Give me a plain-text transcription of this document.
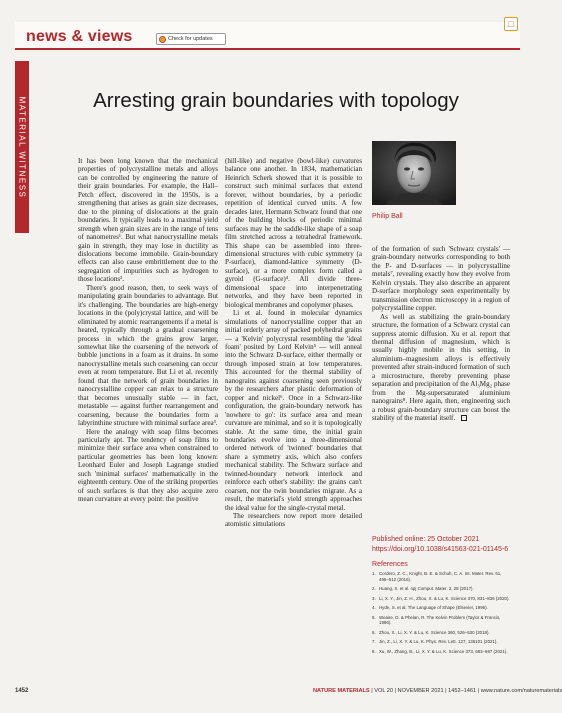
news & views	Check for updates
□
MATERIAL WITNESS	Arresting grain boundaries with topology

It has been long known that the mechanical properties of polycrystalline metals and alloys can be controlled by engineering the nature of their grain boundaries. For example, the Hall–Petch effect, discovered in the 1950s, is a strengthening that arises as grain size decreases, due to the pinning of dislocations at the grain boundaries. It typically leads to a maximal yield strength when grain sizes are in the range of tens of nanometres¹. But what nanocrystalline metals gain in strength, they may lose in ductility as dislocations become immobile. Grain-boundary effects can also cause embrittlement due to the segregation of impurities such as hydrogen to those locations².

There's good reason, then, to seek ways of manipulating grain boundaries to advantage. But it's challenging. The boundaries are high-energy locations in the (poly)crystal lattice, and will be eliminated by atomic rearrangements if a metal is heated, typically through a gradual coarsening process in which the grains grow larger, somewhat like the coarsening of the network of bubble junctions in a foam as it drains. In some nanocrystalline metals such coarsening can occur even at room temperature. But Li et al. recently found that the network of grain boundaries in nanocrystalline copper can relax to a structure that becomes unusually stable — in fact, metastable — against further rearrangement and coarsening, because the boundaries form a labyrinthine structure with minimal surface area³.

Here the analogy with soap films becomes particularly apt. The tendency of soap films to minimize their surface area when constrained to particular geometries has been long known: Leonhard Euler and Joseph Lagrange studied such 'minimal surfaces' mathematically in the eighteenth century. One of the striking properties of such surfaces is that they also acquire zero mean curvature at every point: the positive

(hill-like) and negative (bowl-like) curvatures balance one another. In 1834, mathematician Heinrich Scherk showed that it is possible to construct such minimal surfaces that extend forever, without boundaries, by a periodic repetition of identical curved units. A few decades later, Hermann Schwarz found that one of the building blocks of periodic minimal surfaces may be the saddle-like shape of a soap film stretched across a tetrahedral framework. This shape can be assembled into three-dimensional structures with cubic symmetry (a P-surface), diamond-lattice symmetry (D-surface), or a more complex form called a gyroid (G-surface)⁴. All divide three-dimensional space into interpenetrating networks, and they have been reported in biological membranes and copolymer phases.

Li et al. found in molecular dynamics simulations of nanocrystalline copper that an initial orderly array of packed polyhedral grains — a 'Kelvin' polycrystal resembling the 'ideal foam' posited by Lord Kelvin⁵ — will anneal into the Schwarz D-surface, either thermally or through imposed strain at low temperatures. This accounted for the thermal stability of nanograins against coarsening seen previously by the researchers after plastic deformation of copper and nickel⁶. Once in a Schwarz-like configuration, the grain-boundary network has 'nowhere to go': its surface area and mean curvature are minimal, and so it is topologically stable. At the same time, the initial grain boundaries evolve into a three-dimensional ordered network of 'twinned' boundaries that share a symmetry axis, which also confers mechanical stability. The Schwarz surface and twinned-boundary network interlock and reinforce each other's stability: the grains can't coarsen, nor the twin boundaries migrate. As a result, the material's yield strength approaches the ideal value for the single-crystal metal.

The researchers now report more detailed atomistic simulations

Philip Ball

of the formation of such 'Schwarz crystals' — grain-boundary networks corresponding to both the P- and D-surfaces — in polycrystalline metals⁷, revealing exactly how they evolve from Kelvin crystals. They also describe an apparent D-surface morphology seen experimentally by transmission electron microscopy in a region of polycrystalline copper.

As well as stabilizing the grain-boundary structure, the formation of a Schwarz crystal can suppress atomic diffusion. Xu et al. report that thermal diffusion of magnesium, which is usually highly mobile in this setting, in aluminium–magnesium alloys is effectively prevented after strain-induced formation of such a microstructure, thereby preventing phase separation and precipitation of the Al₃Mg₂ phase from the Mg-supersaturated aluminium nanograins⁸. Here again, then, engineering such a robust grain-boundary structure can boost the stability of the material itself.

Published online: 25 October 2021
https://doi.org/10.1038/s41563-021-01145-6
References
1. Cordero, Z. C., Knight, B. E. & Schuh, C. A. Int. Mater. Rev. 61, 495–512 (2016).
2. Huang, S. et al. npj Comput. Mater. 3, 28 (2017).
3. Li, X. Y., Jin, Z. H., Zhou, X. & Lu, K. Science 370, 831–836 (2020).
4. Hyde, S. et al. The Language of Shape (Elsevier, 1996).
5. Weaire, D. & Phelan, R. The Kelvin Problem (Taylor & Francis, 1996).
6. Zhou, X., Li, X. Y. & Lu, K. Science 360, 526–530 (2018).
7. Jin, Z., Li, X. Y. & Lu, K. Phys. Rev. Lett. 127, 136101 (2021).
8. Xu, W., Zhang, B., Li, X. Y. & Lu, K. Science 373, 683–687 (2021).
1452	NATURE MATERIALS | VOL 20 | NOVEMBER 2021 | 1452–1461 | www.nature.com/naturematerials
